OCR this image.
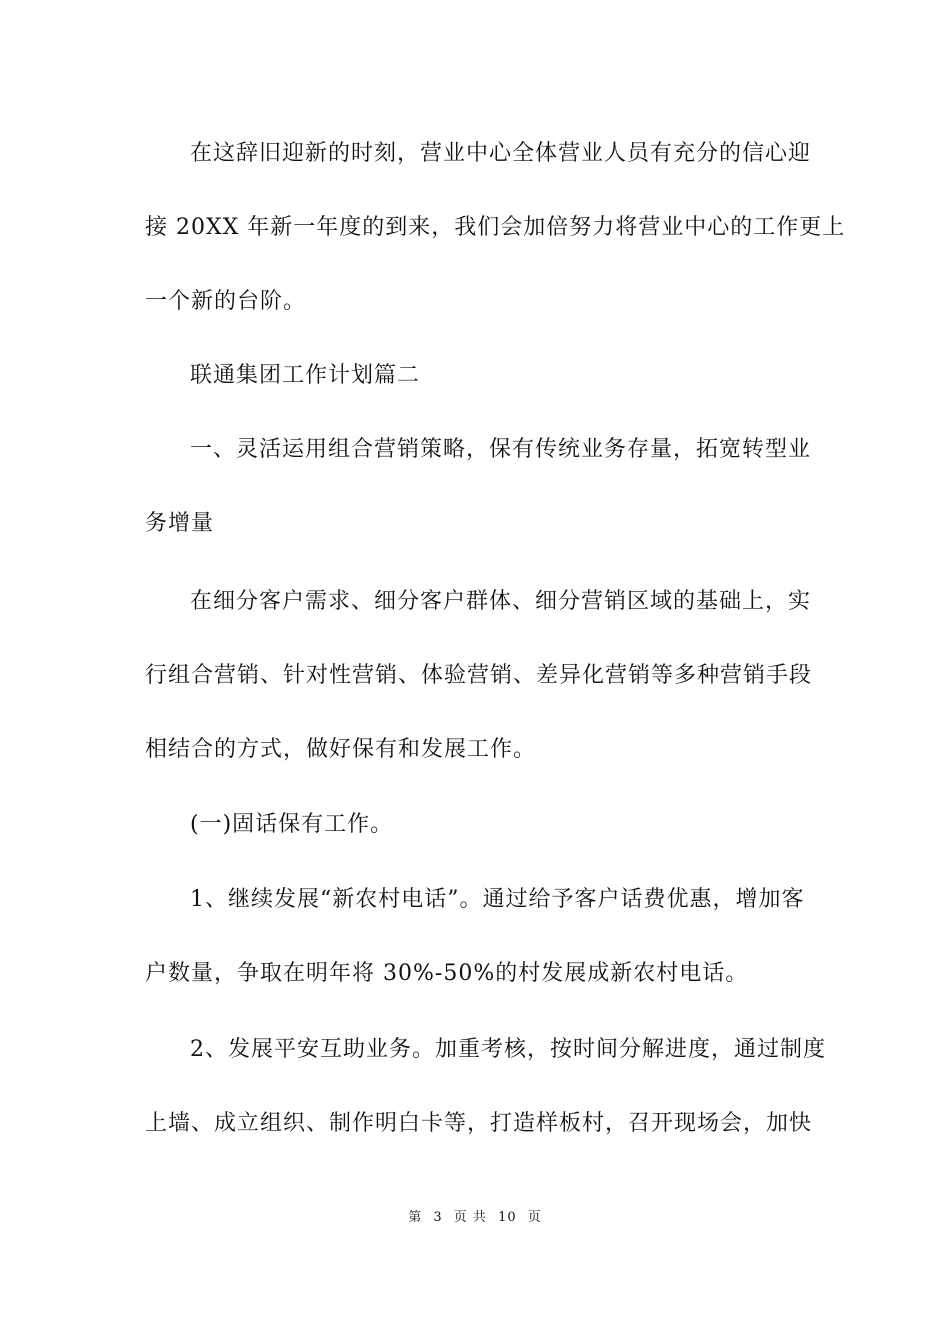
在这辞旧迎新的时刻，营业中心全体营业人员有充分的信心迎
接 20XX 年新一年度的到来，我们会加倍努力将营业中心的工作更上
一个新的台阶。
联通集团工作计划篇二
一、灵活运用组合营销策略，保有传统业务存量，拓宽转型业
务增量
在细分客户需求、细分客户群体、细分营销区域的基础上，实
行组合营销、针对性营销、体验营销、差异化营销等多种营销手段
相结合的方式，做好保有和发展工作。
(一)固话保有工作。
1、继续发展“新农村电话”。通过给予客户话费优惠，增加客
户数量，争取在明年将 30%-50%的村发展成新农村电话。
2、发展平安互助业务。加重考核，按时间分解进度，通过制度
上墙、成立组织、制作明白卡等，打造样板村，召开现场会，加快
第 3 页 共 10 页
